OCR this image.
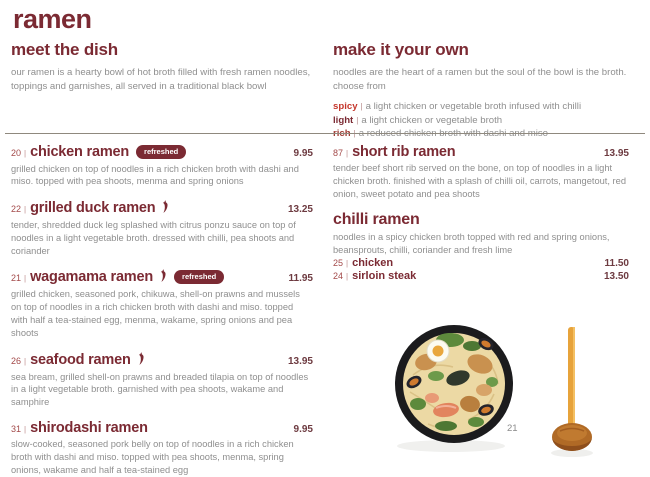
ramen
meet the dish

our ramen is a hearty bowl of hot broth filled with fresh ramen noodles, toppings and garnishes, all served in a traditional black bowl

make it your own

noodles are the heart of a ramen but the soul of the bowl is the broth. choose from

spicy | a light chicken or vegetable broth infused with chilli
light | a light chicken or vegetable broth
20 | chicken ramen	refreshed	9.95
grilled chicken on top of noodles in a rich chicken broth with dashi and miso. topped with pea shoots, menma and spring onions
22 | grilled duck ramen	13.25
tender, shredded duck leg splashed with citrus ponzu sauce on top of noodles in a light vegetable broth. dressed with chilli, pea shoots and coriander
21 | wagamama ramen	refreshed	11.95
grilled chicken, seasoned pork, chikuwa, shell-on prawns and mussels on top of noodles in a rich chicken broth with dashi and miso. topped with half a tea-stained egg, menma, wakame, spring onions and pea shoots
26 | seafood ramen	13.95
sea bream, grilled shell-on prawns and breaded tilapia on top of noodles in a light vegetable broth. garnished with pea shoots, wakame and samphire
31 | shirodashi ramen	9.95
slow-cooked, seasoned pork belly on top of noodles in a rich chicken broth with dashi and miso. topped with pea shoots, menma, spring onions, wakame and half a tea-stained egg
87 | short rib ramen	13.95
tender beef short rib served on the bone, on top of noodles in a light chicken broth. finished with a splash of chilli oil, carrots, mangetout, red onion, sweet potato and pea shoots
chilli ramen
noodles in a spicy chicken broth topped with red and spring onions, beansprouts, chilli, coriander and fresh lime
25 | chicken	11.50
24 | sirloin steak	13.50
21
